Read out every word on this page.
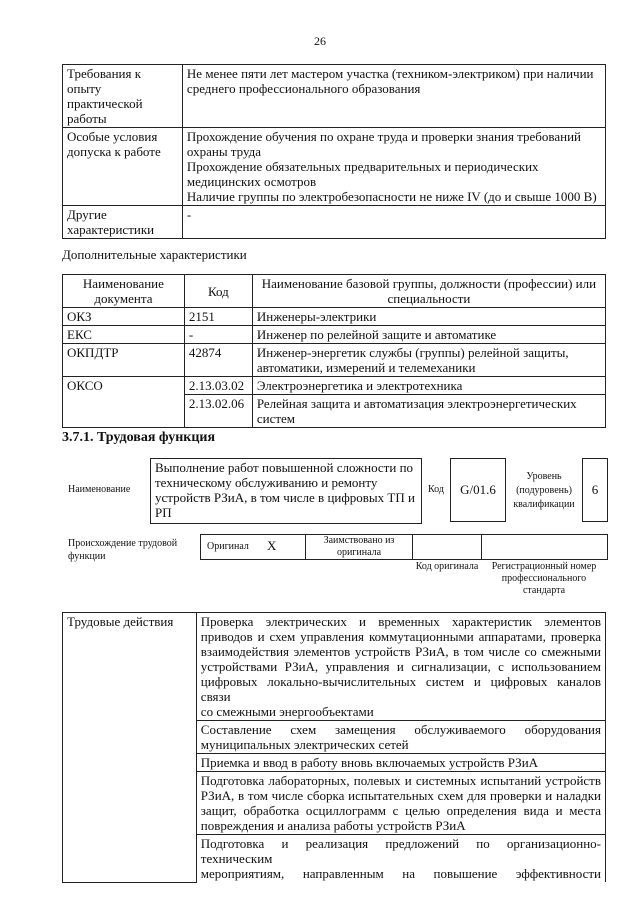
26
Требования к опыту практической работы	Не менее пяти лет мастером участка (техником-электриком) при наличии среднего профессионального образования
Особые условия допуска к работе	Прохождение обучения по охране труда и проверки знания требований охраны труда

Прохождение обязательных предварительных и периодических медицинских осмотров

Наличие группы по электробезопасности не ниже IV (до и свыше 1000 В)

Другие характеристики	-
Дополнительные характеристики
Наименование документа	Код	Наименование базовой группы, должности (профессии) или специальности
ОКЗ	2151	Инженеры-электрики
ЕКС	-	Инженер по релейной защите и автоматике
ОКПДТР	42874	Инженер-энергетик службы (группы) релейной защиты, автоматики, измерений и телемеханики
ОКСО	2.13.03.02	Электроэнергетика и электротехника
	2.13.02.06	Релейная защита и автоматизация электроэнергетических систем
3.7.1. Трудовая функция
Наименование
Выполнение работ повышенной сложности по техническому обслуживанию и ремонту устройств РЗиА, в том числе в цифровых ТП и РП
Код	G/01.6
Уровень (подуровень) квалификации
6
Происхождение трудовой функции
Оригинал X	Заимствовано из оригинала
Код оригинала	Регистрационный номер профессионального стандарта
Трудовые действия	Проверка электрических и временных характеристик элементов
приводов и схем управления коммутационными аппаратами, проверка
взаимодействия элементов устройств РЗиА, в том числе со смежными
устройствами РЗиА, управления и сигнализации, с использованием
цифровых локально-вычислительных систем и цифровых каналов связи
со смежными энергообъектами

Составление схем замещения обслуживаемого оборудования
муниципальных электрических сетей

Приемка и ввод в работу вновь включаемых устройств РЗиА

Подготовка лабораторных, полевых и системных испытаний устройств
РЗиА, в том числе сборка испытательных схем для проверки и наладки
защит, обработка осциллограмм с целью определения вида и места
повреждения и анализа работы устройств РЗиА

Подготовка и реализация предложений по организационно-техническим
мероприятиям, направленным на повышение эффективности
